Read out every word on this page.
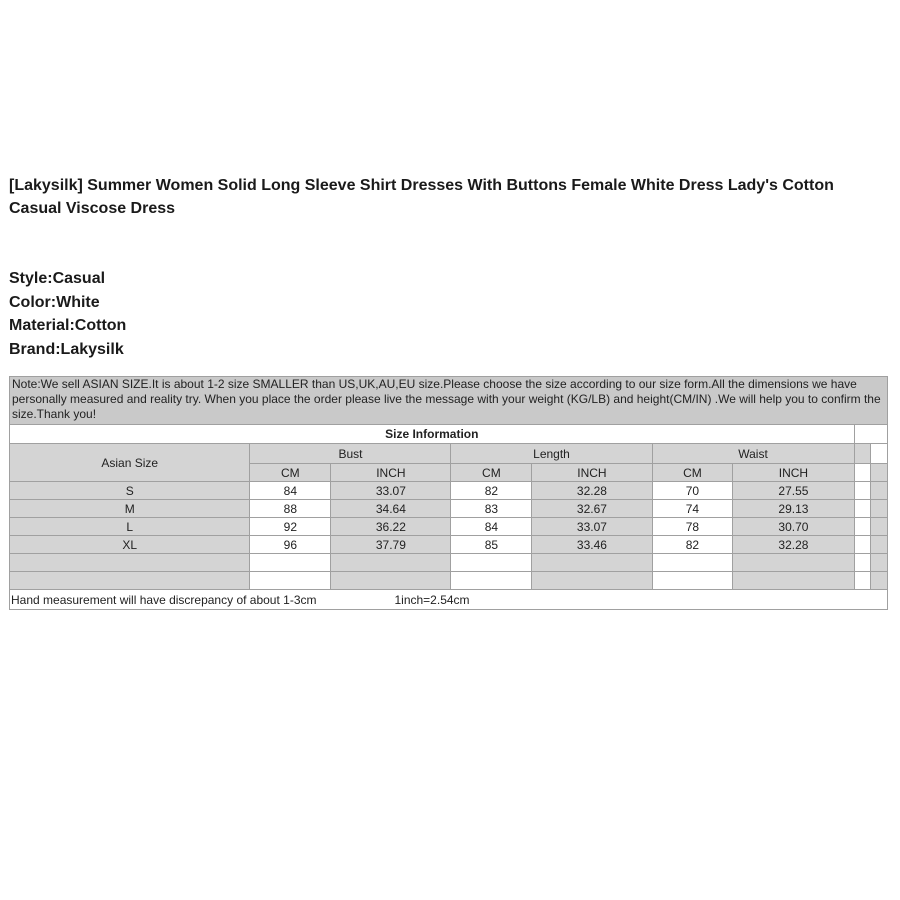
[Lakysilk] Summer Women Solid Long Sleeve Shirt Dresses With Buttons Female White Dress Lady's Cotton Casual Viscose Dress
Style:Casual
Color:White
Material:Cotton
Brand:Lakysilk
Note:We sell ASIAN SIZE.It is about 1-2 size SMALLER than US,UK,AU,EU size.Please choose the size according to our size form.All the dimensions we have personally measured and reality try. When you place the order please live the message with your weight (KG/LB) and height(CM/IN) .We will help you to confirm the size.Thank you!								
Size Information								
Asian Size	Bust		Length		Waist			
	CM	INCH	CM	INCH	CM	INCH		
S	84	33.07	82	32.28	70	27.55		
M	88	34.64	83	32.67	74	29.13		
L	92	36.22	84	33.07	78	30.70		
XL	96	37.79	85	33.46	82	32.28		

Hand measurement will have discrepancy of about 1-3cm 1inch=2.54cm								
